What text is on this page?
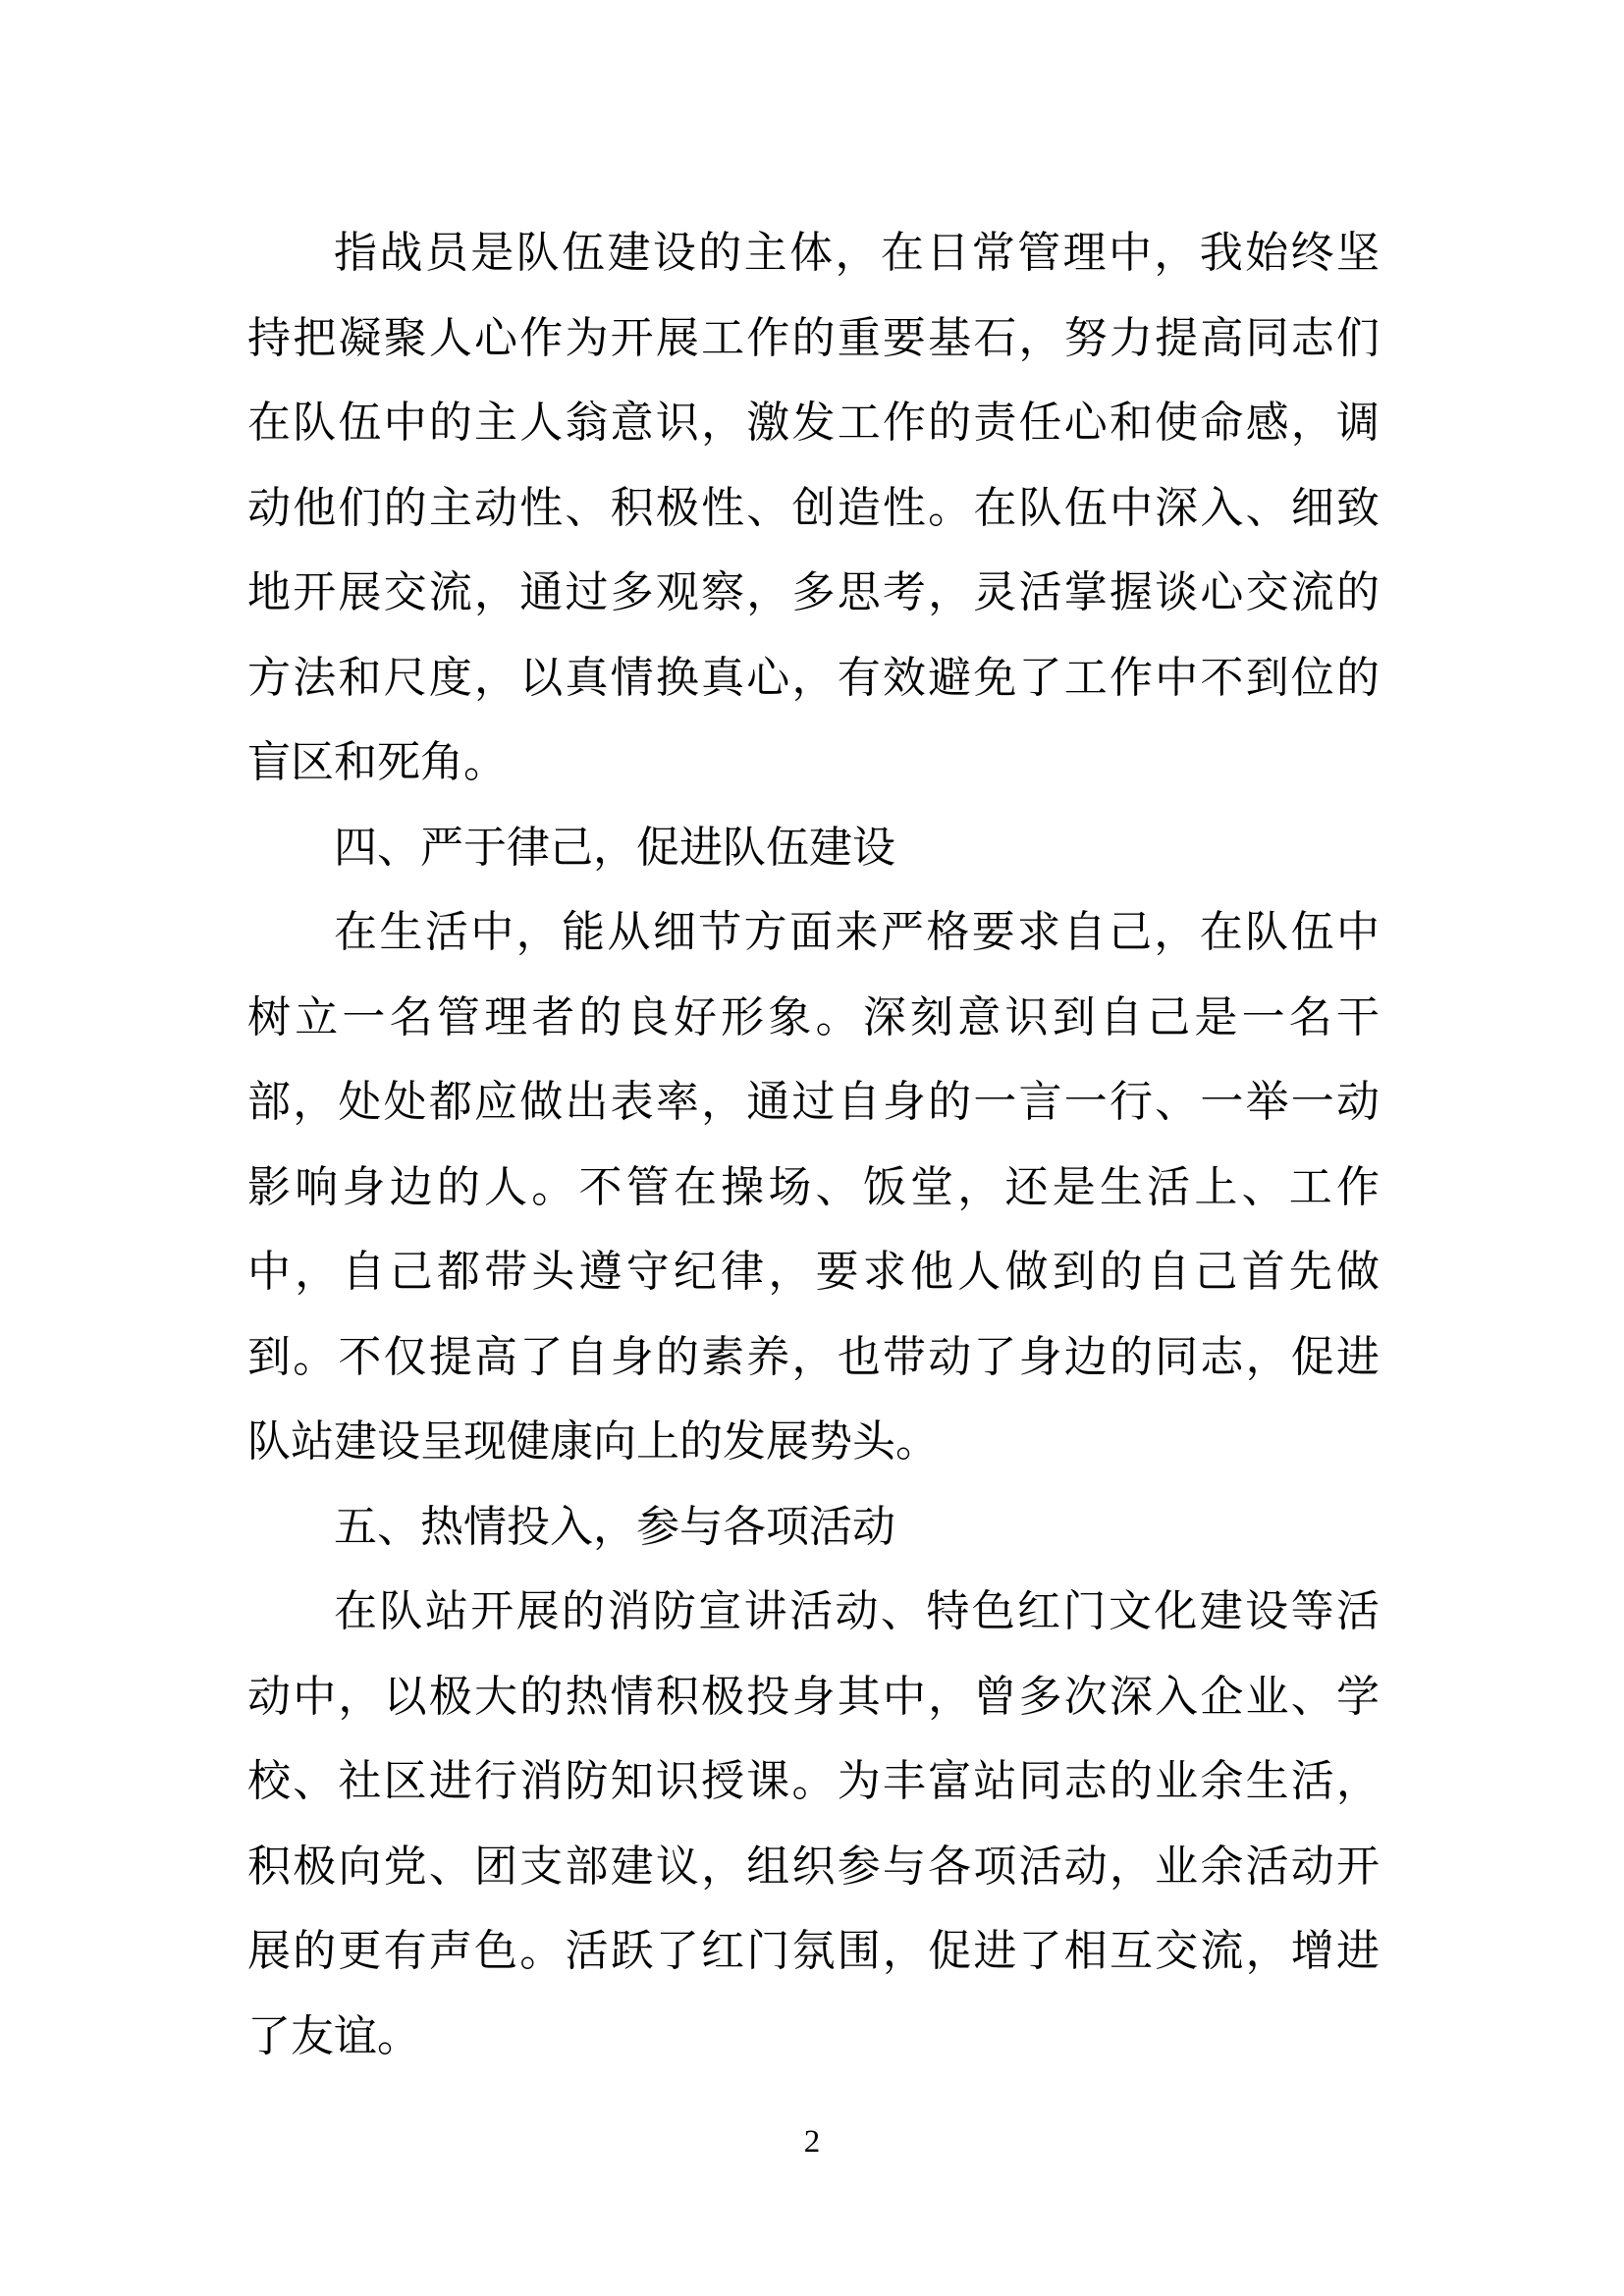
指战员是队伍建设的主体，在日常管理中，我始终坚
持把凝聚人心作为开展工作的重要基石，努力提高同志们
在队伍中的主人翁意识，激发工作的责任心和使命感，调
动他们的主动性、积极性、创造性。在队伍中深入、细致
地开展交流，通过多观察，多思考，灵活掌握谈心交流的
方法和尺度，以真情换真心，有效避免了工作中不到位的
盲区和死角。
四、严于律己，促进队伍建设
在生活中，能从细节方面来严格要求自己，在队伍中
树立一名管理者的良好形象。深刻意识到自己是一名干
部，处处都应做出表率，通过自身的一言一行、一举一动
影响身边的人。不管在操场、饭堂，还是生活上、工作
中，自己都带头遵守纪律，要求他人做到的自己首先做
到。不仅提高了自身的素养，也带动了身边的同志，促进
队站建设呈现健康向上的发展势头。
五、热情投入，参与各项活动
在队站开展的消防宣讲活动、特色红门文化建设等活
动中，以极大的热情积极投身其中，曾多次深入企业、学
校、社区进行消防知识授课。为丰富站同志的业余生活，
积极向党、团支部建议，组织参与各项活动，业余活动开
展的更有声色。活跃了红门氛围，促进了相互交流，增进
了友谊。
2
